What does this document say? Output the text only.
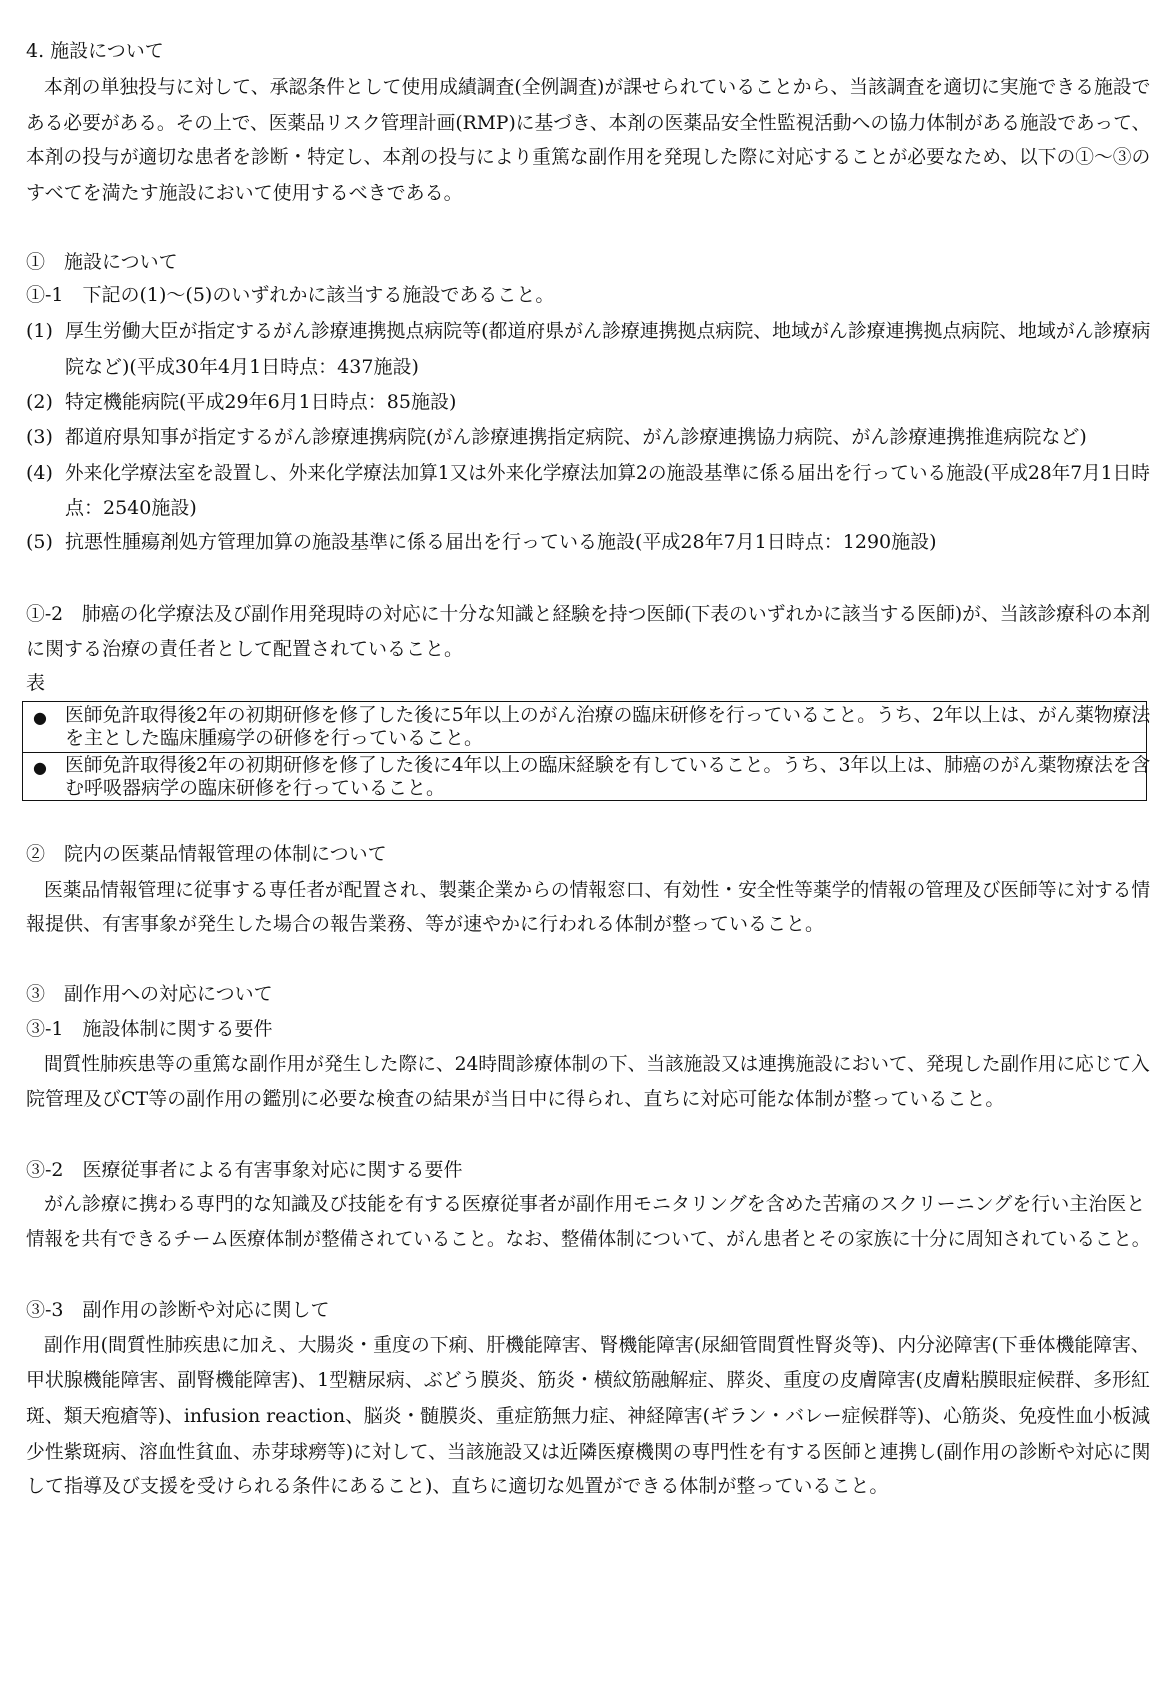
4. 施設について
本剤の単独投与に対して、承認条件として使用成績調査(全例調査)が課せられていることから、当該調査を適切に実施できる施設で
ある必要がある。その上で、医薬品リスク管理計画(RMP)に基づき、本剤の医薬品安全性監視活動への協力体制がある施設であって、
本剤の投与が適切な患者を診断・特定し、本剤の投与により重篤な副作用を発現した際に対応することが必要なため、以下の①～③の
すべてを満たす施設において使用するべきである。
①　施設について
①-1　下記の(1)～(5)のいずれかに該当する施設であること。
(1) 厚生労働大臣が指定するがん診療連携拠点病院等(都道府県がん診療連携拠点病院、地域がん診療連携拠点病院、地域がん診療病
院など)(平成30年4月1日時点：437施設)
(2) 特定機能病院(平成29年6月1日時点：85施設)
(3) 都道府県知事が指定するがん診療連携病院(がん診療連携指定病院、がん診療連携協力病院、がん診療連携推進病院など)
(4) 外来化学療法室を設置し、外来化学療法加算1又は外来化学療法加算2の施設基準に係る届出を行っている施設(平成28年7月1日時
点：2540施設)
(5) 抗悪性腫瘍剤処方管理加算の施設基準に係る届出を行っている施設(平成28年7月1日時点：1290施設)
①-2　肺癌の化学療法及び副作用発現時の対応に十分な知識と経験を持つ医師(下表のいずれかに該当する医師)が、当該診療科の本剤
に関する治療の責任者として配置されていること。
表
● 医師免許取得後2年の初期研修を修了した後に5年以上のがん治療の臨床研修を行っていること。うち、2年以上は、がん薬物療法
を主とした臨床腫瘍学の研修を行っていること。
● 医師免許取得後2年の初期研修を修了した後に4年以上の臨床経験を有していること。うち、3年以上は、肺癌のがん薬物療法を含
む呼吸器病学の臨床研修を行っていること。
②　院内の医薬品情報管理の体制について
医薬品情報管理に従事する専任者が配置され、製薬企業からの情報窓口、有効性・安全性等薬学的情報の管理及び医師等に対する情
報提供、有害事象が発生した場合の報告業務、等が速やかに行われる体制が整っていること。
③　副作用への対応について
③-1　施設体制に関する要件
間質性肺疾患等の重篤な副作用が発生した際に、24時間診療体制の下、当該施設又は連携施設において、発現した副作用に応じて入
院管理及びCT等の副作用の鑑別に必要な検査の結果が当日中に得られ、直ちに対応可能な体制が整っていること。
③-2　医療従事者による有害事象対応に関する要件
がん診療に携わる専門的な知識及び技能を有する医療従事者が副作用モニタリングを含めた苦痛のスクリーニングを行い主治医と
情報を共有できるチーム医療体制が整備されていること。なお、整備体制について、がん患者とその家族に十分に周知されていること。
③-3　副作用の診断や対応に関して
副作用(間質性肺疾患に加え、大腸炎・重度の下痢、肝機能障害、腎機能障害(尿細管間質性腎炎等)、内分泌障害(下垂体機能障害、
甲状腺機能障害、副腎機能障害)、1型糖尿病、ぶどう膜炎、筋炎・横紋筋融解症、膵炎、重度の皮膚障害(皮膚粘膜眼症候群、多形紅
斑、類天疱瘡等)、infusion reaction、脳炎・髄膜炎、重症筋無力症、神経障害(ギラン・バレー症候群等)、心筋炎、免疫性血小板減
少性紫斑病、溶血性貧血、赤芽球癆等)に対して、当該施設又は近隣医療機関の専門性を有する医師と連携し(副作用の診断や対応に関
して指導及び支援を受けられる条件にあること)、直ちに適切な処置ができる体制が整っていること。
